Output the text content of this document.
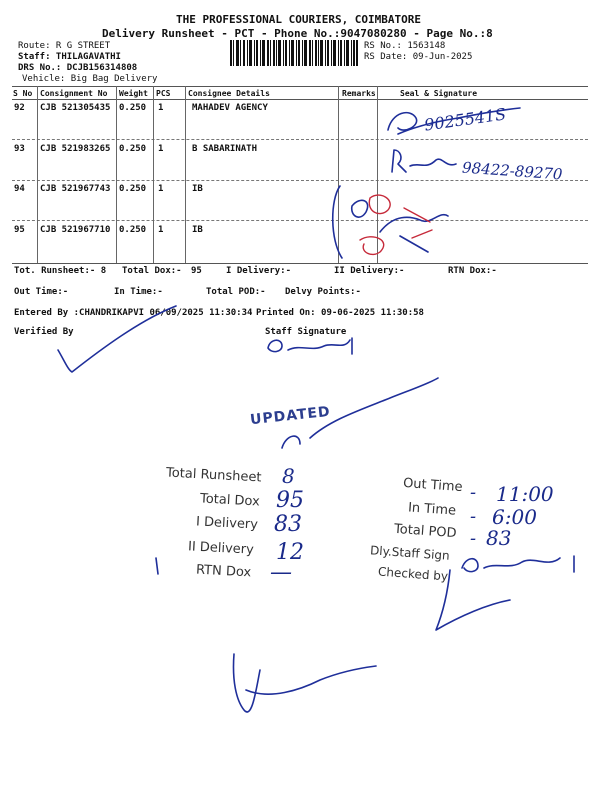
THE PROFESSIONAL COURIERS, COIMBATORE
Delivery Runsheet - PCT - Phone No.:9047080280 - Page No.:8
Route: R G STREET
Staff: THILAGAVATHI
DRS No.: DCJB156314808
Vehicle: Big Bag Delivery
RS No.: 1563148
RS Date: 09-Jun-2025
S No Consignment No Weight PCS Consignee Details	Remarks	Seal & Signature
92 CJB 521305435 0.250 1	MAHADEV AGENCY
93 CJB 521983265 0.250 1	B SABARINATH
94 CJB 521967743 0.250 1	IB
95 CJB 521967710 0.250 1	IB
Tot. Runsheet:- 8 Total Dox:- 95	I Delivery:-	II Delivery:-	RTN Dox:-
Out Time:-	In Time:-	Total POD:- Delvy Points:-
Entered By :CHANDRIKAPVI 06/09/2025 11:30:34 Printed On: 09-06-2025 11:30:58
Verified By	Staff Signature
9025541S
98422-89270
UPDATED
Total Runsheet 8
Total Dox 95
I Delivery 83
II Delivery 12
RTN Dox —
Out Time - 11:00
In Time - 6:00
Total POD - 83
Dly.Staff Sign
Checked by
